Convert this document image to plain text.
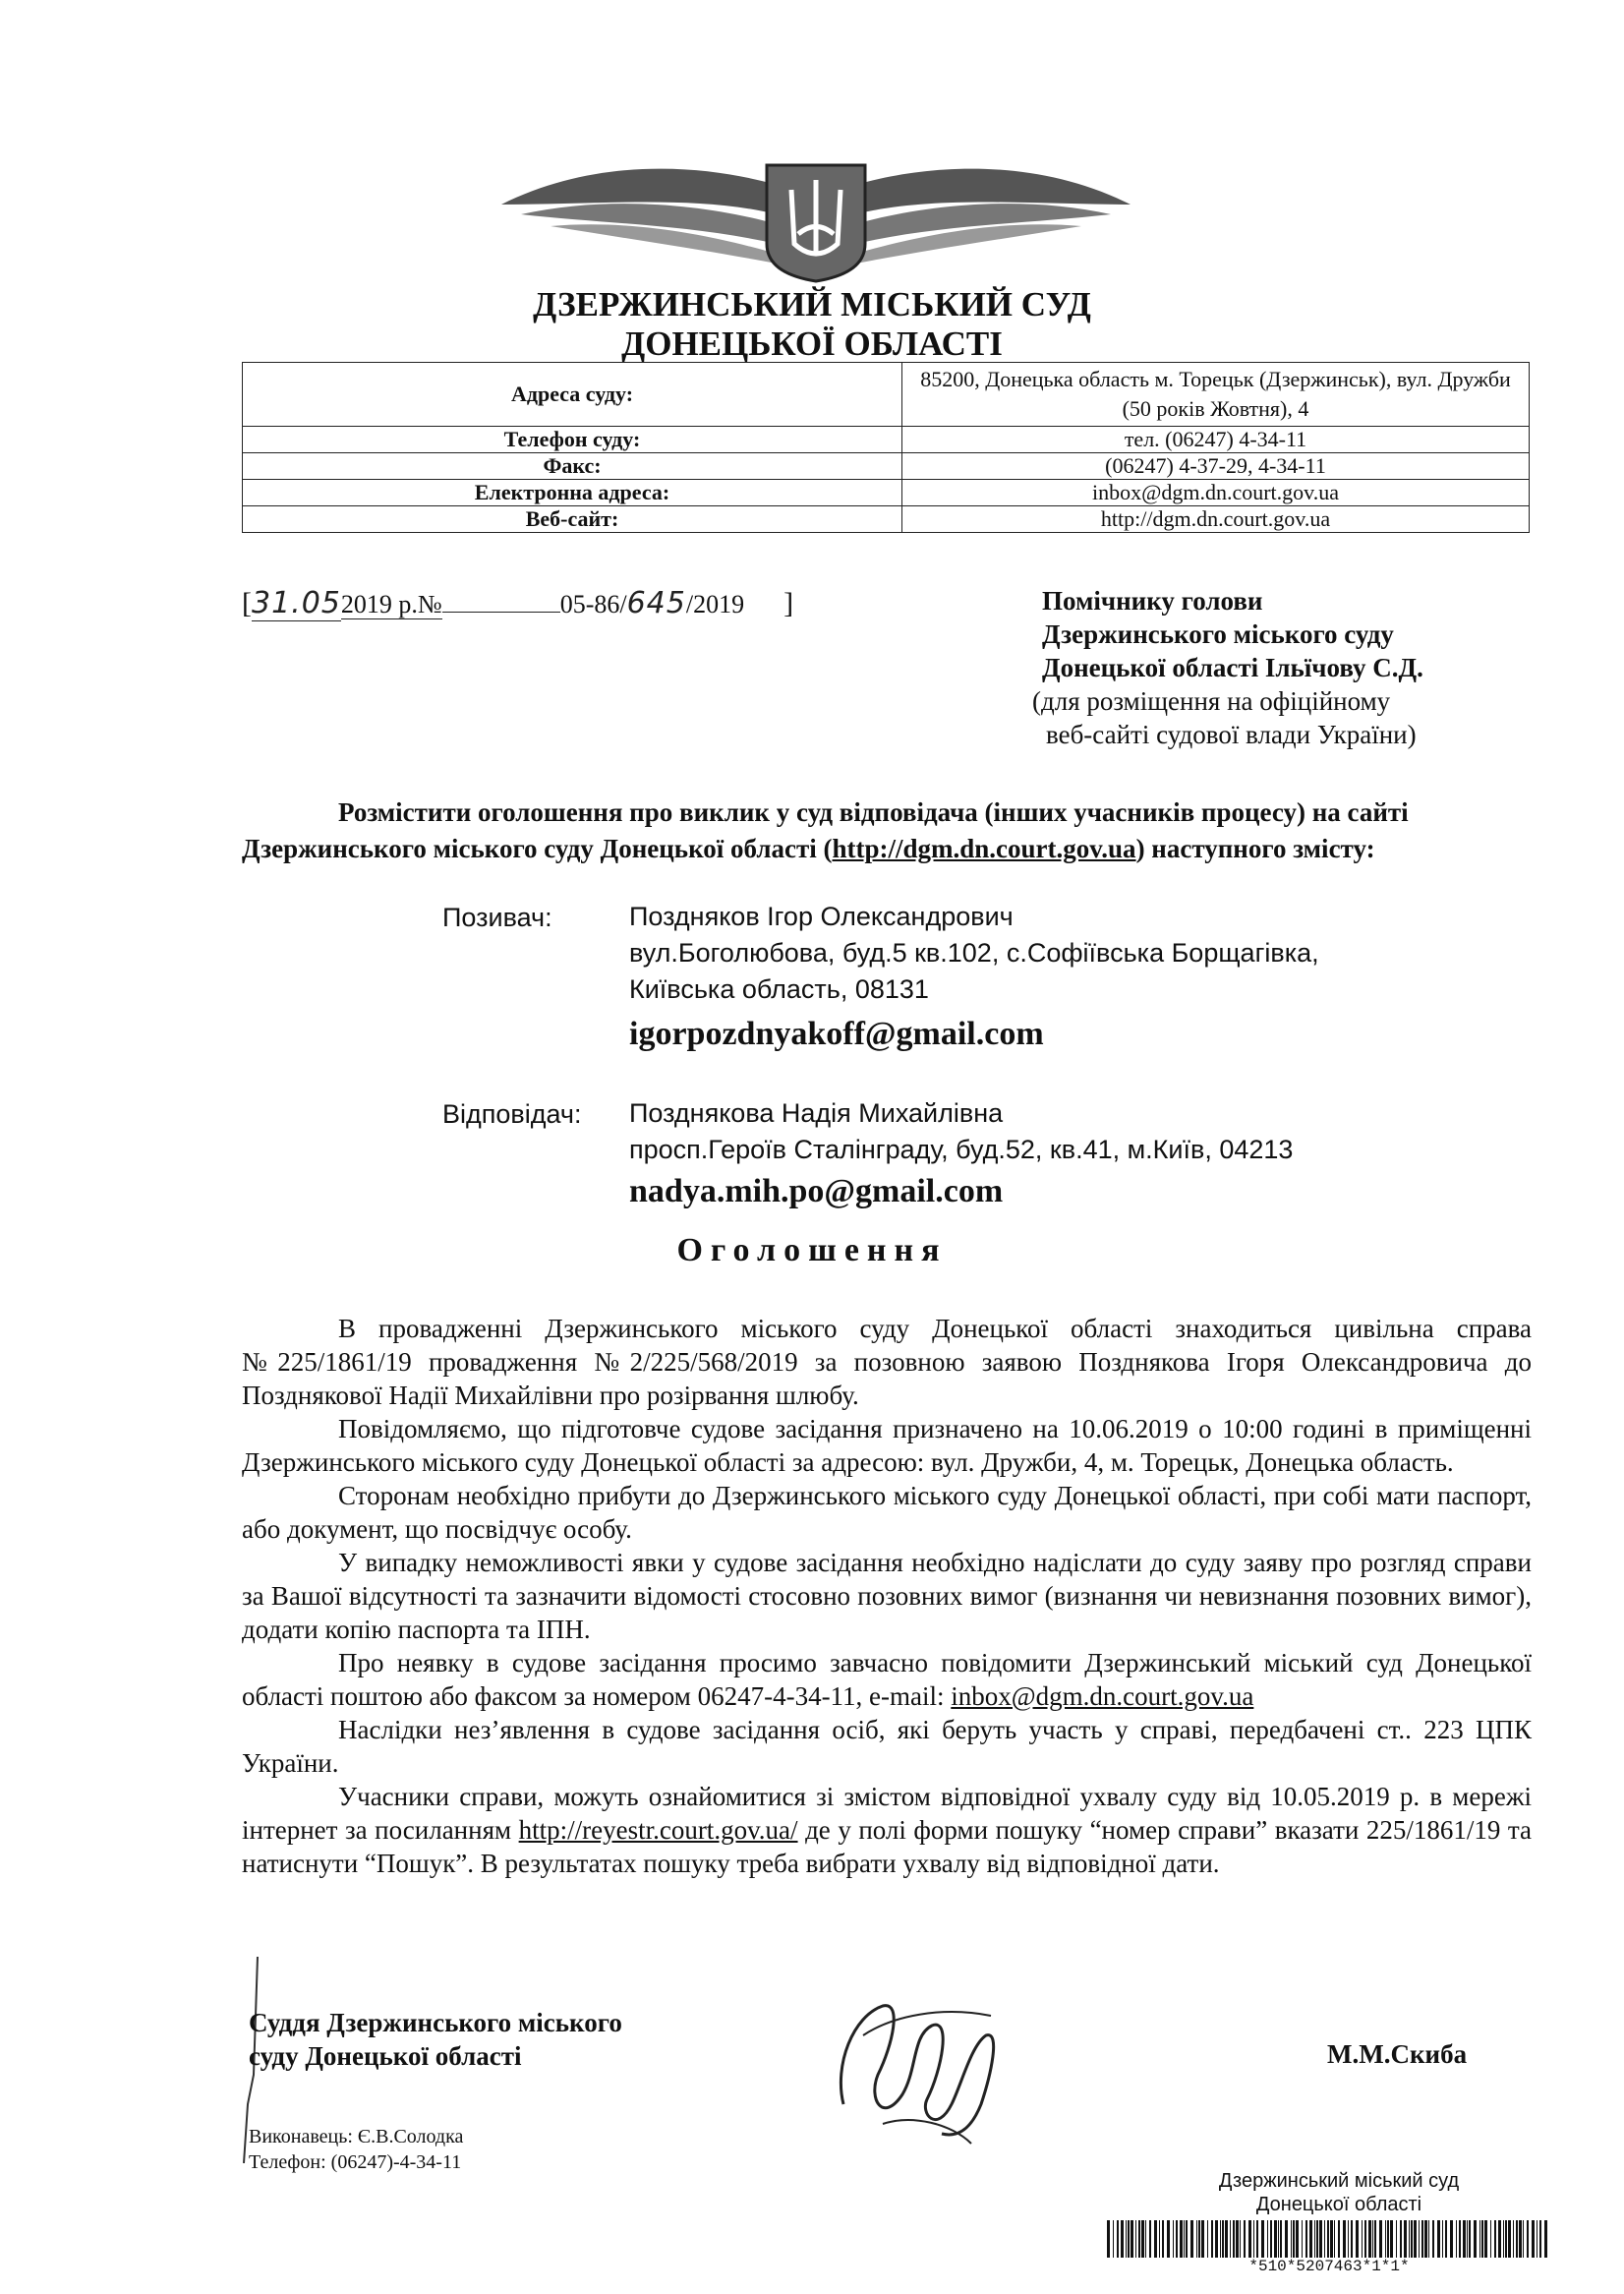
ДЗЕРЖИНСЬКИЙ МІСЬКИЙ СУД
ДОНЕЦЬКОЇ ОБЛАСТІ
Адреса суду:	85200, Донецька область м. Торецьк (Дзержинськ), вул. Дружби (50 років Жовтня), 4
Телефон суду:	тел. (06247) 4-34-11
Факс:	(06247) 4-37-29, 4-34-11
Електронна адреса:	inbox@dgm.dn.court.gov.ua
Веб-сайт:	http://dgm.dn.court.gov.ua
[31.052019 р.№	05-86/645/2019 ]	Помічнику голови
Дзержинського міського суду
Донецької області Ільїчову С.Д.
(для розміщення на офіційному
веб-сайті судової влади України)
Розмістити оголошення про виклик у суд відповідача (інших учасників процесу) на сайті
Дзержинського міського суду Донецької області (http://dgm.dn.court.gov.ua) наступного змісту:
Позивач:	Поздняков Ігор Олександрович
вул.Боголюбова, буд.5 кв.102, с.Софіївська Борщагівка,
Київська область, 08131
igorpozdnyakoff@gmail.com
Відповідач: Позднякова Надія Михайлівна
просп.Героїв Сталінграду, буд.52, кв.41, м.Київ, 04213
nadya.mih.po@gmail.com
Оголошення

В провадженні Дзержинського міського суду Донецької області знаходиться цивільна справа №225/1861/19 провадження №2/225/568/2019 за позовною заявою Позднякова Ігоря Олександровича до Позднякової Надії Михайлівни про розірвання шлюбу.

Повідомляємо, що підготовче судове засідання призначено на 10.06.2019 о 10:00 годині в приміщенні Дзержинського міського суду Донецької області за адресою: вул. Дружби, 4, м. Торецьк, Донецька область.

Сторонам необхідно прибути до Дзержинського міського суду Донецької області, при собі мати паспорт, або документ, що посвідчує особу.

У випадку неможливості явки у судове засідання необхідно надіслати до суду заяву про розгляд справи за Вашої відсутності та зазначити відомості стосовно позовних вимог (визнання чи невизнання позовних вимог), додати копію паспорта та ІПН.

Про неявку в судове засідання просимо завчасно повідомити Дзержинський міський суд Донецької області поштою або факсом за номером 06247-4-34-11, e-mail: inbox@dgm.dn.court.gov.ua

Наслідки нез’явлення в судове засідання осіб, які беруть участь у справі, передбачені ст.. 223 ЦПК України.

Учасники справи, можуть ознайомитися зі змістом відповідної ухвалу суду від 10.05.2019 р. в мережі інтернет за посиланням http://reyestr.court.gov.ua/ де у полі форми пошуку “номер справи” вказати 225/1861/19 та натиснути “Пошук”. В результатах пошуку треба вибрати ухвалу від відповідної дати.

Суддя Дзержинського міського
суду Донецької області	М.М.Скиба
Виконавець: Є.В.Солодка
Телефон: (06247)-4-34-11
Дзержинський міський суд
Донецької області
*510*5207463*1*1*
